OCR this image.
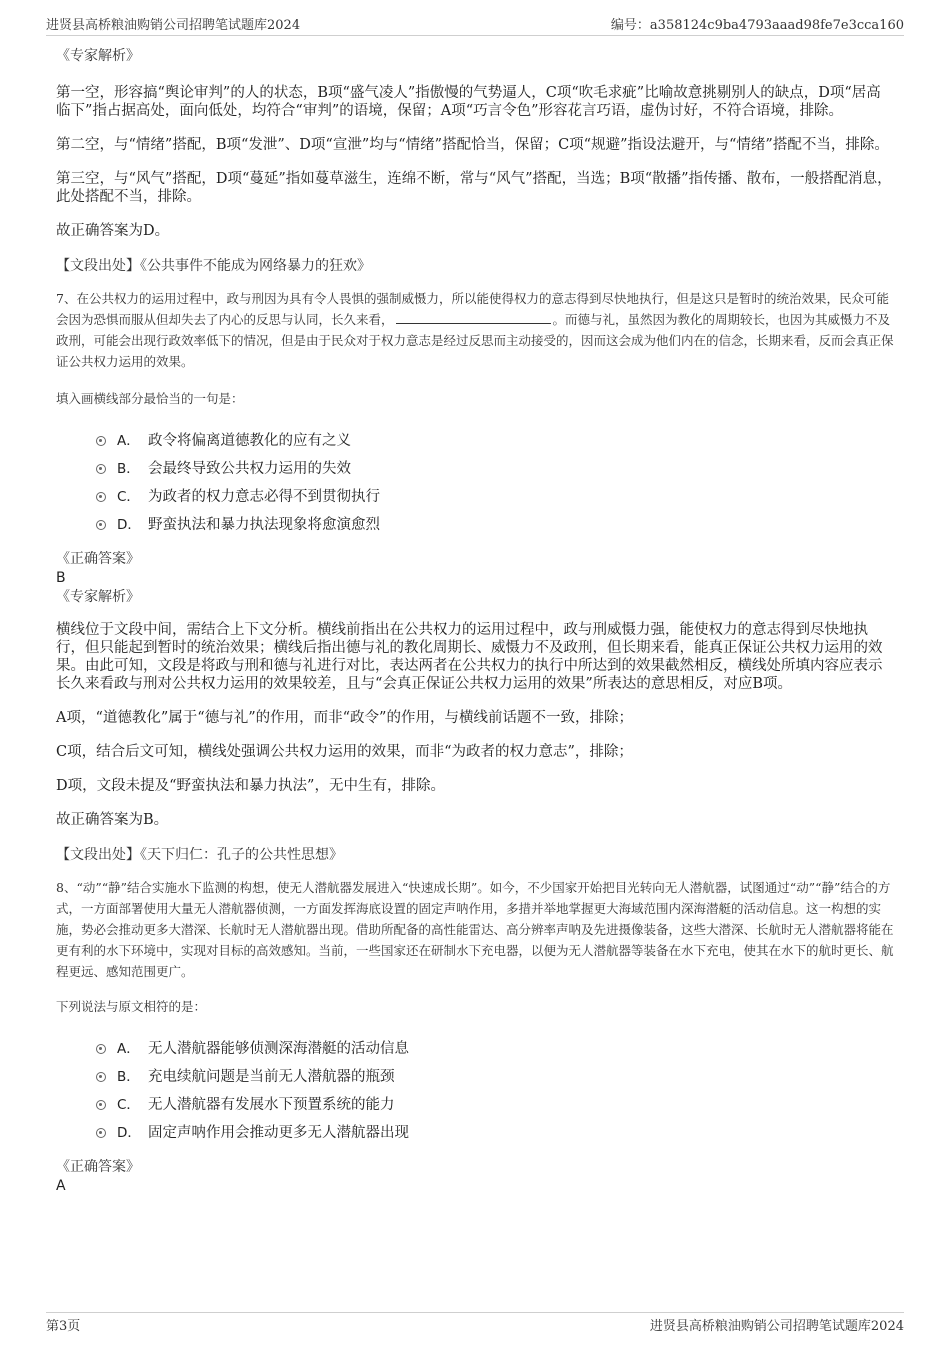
进贤县高桥粮油购销公司招聘笔试题库2024	编号：a358124c9ba4793aaad98fe7e3cca160
《专家解析》

第一空，形容搞“舆论审判”的人的状态，B项“盛气凌人”指傲慢的气势逼人，C项“吹毛求疵”比喻故意挑剔别人的缺点，D项“居高临下”指占据高处，面向低处，均符合“审判”的语境，保留；A项“巧言令色”形容花言巧语，虚伪讨好，不符合语境，排除。

第二空，与“情绪”搭配，B项“发泄”、D项“宣泄”均与“情绪”搭配恰当，保留；C项“规避”指设法避开，与“情绪”搭配不当，排除。

第三空，与“风气”搭配，D项“蔓延”指如蔓草滋生，连绵不断，常与“风气”搭配，当选；B项“散播”指传播、散布，一般搭配消息，此处搭配不当，排除。

故正确答案为D。

【文段出处】《公共事件不能成为网络暴力的狂欢》

7、在公共权力的运用过程中，政与刑因为具有令人畏惧的强制威慑力，所以能使得权力的意志得到尽快地执行，但是这只是暂时的统治效果，民众可能会因为恐惧而服从但却失去了内心的反思与认同，长久来看，	。而德与礼，虽然因为教化的周期较长，也因为其威慑力不及政刑，可能会出现行政效率低下的情况，但是由于民众对于权力意志是经过反思而主动接受的，因而这会成为他们内在的信念，长期来看，反而会真正保证公共权力运用的效果。

填入画横线部分最恰当的一句是：

A． 政令将偏离道德教化的应有之义
B． 会最终导致公共权力运用的失效
C． 为政者的权力意志必得不到贯彻执行
D． 野蛮执法和暴力执法现象将愈演愈烈
《正确答案》
B
《专家解析》

横线位于文段中间，需结合上下文分析。横线前指出在公共权力的运用过程中，政与刑威慑力强，能使权力的意志得到尽快地执行，但只能起到暂时的统治效果；横线后指出德与礼的教化周期长、威慑力不及政刑，但长期来看，能真正保证公共权力运用的效果。由此可知，文段是将政与刑和德与礼进行对比，表达两者在公共权力的执行中所达到的效果截然相反，横线处所填内容应表示长久来看政与刑对公共权力运用的效果较差，且与“会真正保证公共权力运用的效果”所表达的意思相反，对应B项。

A项，“道德教化”属于“德与礼”的作用，而非“政令”的作用，与横线前话题不一致，排除；

C项，结合后文可知，横线处强调公共权力运用的效果，而非“为政者的权力意志”，排除；

D项，文段未提及“野蛮执法和暴力执法”，无中生有，排除。

故正确答案为B。

【文段出处】《天下归仁：孔子的公共性思想》

8、“动”“静”结合实施水下监测的构想，使无人潜航器发展进入“快速成长期”。如今，不少国家开始把目光转向无人潜航器，试图通过“动”“静”结合的方式，一方面部署使用大量无人潜航器侦测，一方面发挥海底设置的固定声呐作用，多措并举地掌握更大海域范围内深海潜艇的活动信息。这一构想的实施，势必会推动更多大潜深、长航时无人潜航器出现。借助所配备的高性能雷达、高分辨率声呐及先进摄像装备，这些大潜深、长航时无人潜航器将能在更有利的水下环境中，实现对目标的高效感知。当前，一些国家还在研制水下充电器，以便为无人潜航器等装备在水下充电，使其在水下的航时更长、航程更远、感知范围更广。

下列说法与原文相符的是：

A． 无人潜航器能够侦测深海潜艇的活动信息
B． 充电续航问题是当前无人潜航器的瓶颈
C． 无人潜航器有发展水下预置系统的能力
D． 固定声呐作用会推动更多无人潜航器出现
《正确答案》
A
第3页	进贤县高桥粮油购销公司招聘笔试题库2024
